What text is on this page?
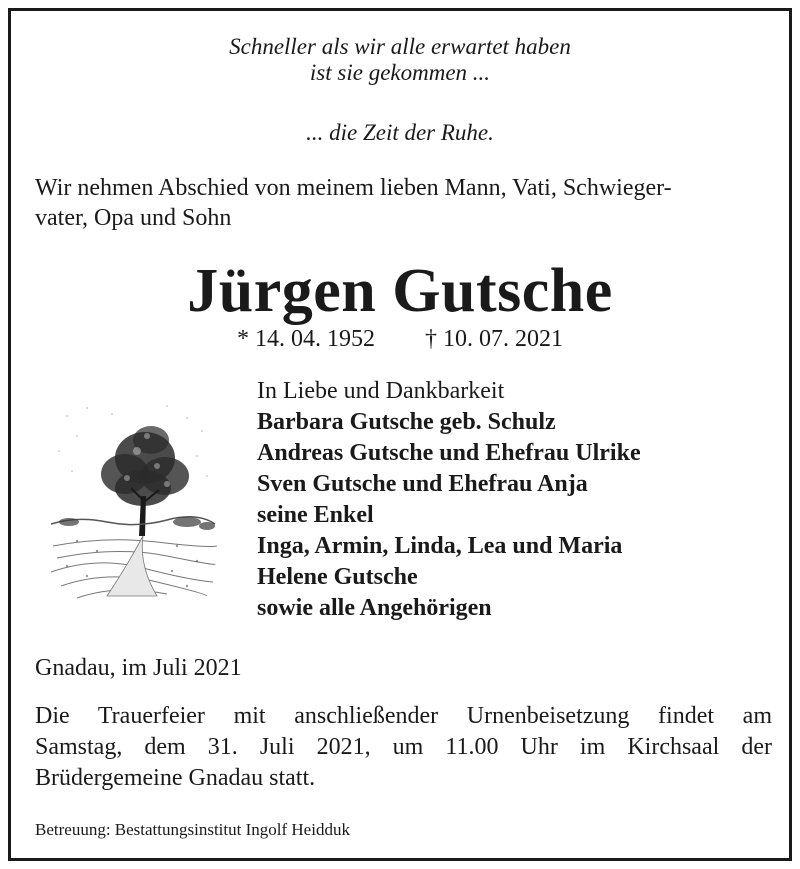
Schneller als wir alle erwartet haben
ist sie gekommen ...
... die Zeit der Ruhe.
Wir nehmen Abschied von meinem lieben Mann, Vati, Schwieger-
vater, Opa und Sohn
Jürgen Gutsche
* 14. 04. 1952 † 10. 07. 2021
In Liebe und Dankbarkeit
Barbara Gutsche geb. Schulz
Andreas Gutsche und Ehefrau Ulrike
Sven Gutsche und Ehefrau Anja
seine Enkel
Inga, Armin, Linda, Lea und Maria
Helene Gutsche
sowie alle Angehörigen
Gnadau, im Juli 2021
Die Trauerfeier mit anschließender Urnenbeisetzung findet am
Samstag, dem 31. Juli 2021, um 11.00 Uhr im Kirchsaal der
Brüdergemeine Gnadau statt.
Betreuung: Bestattungsinstitut Ingolf Heidduk
